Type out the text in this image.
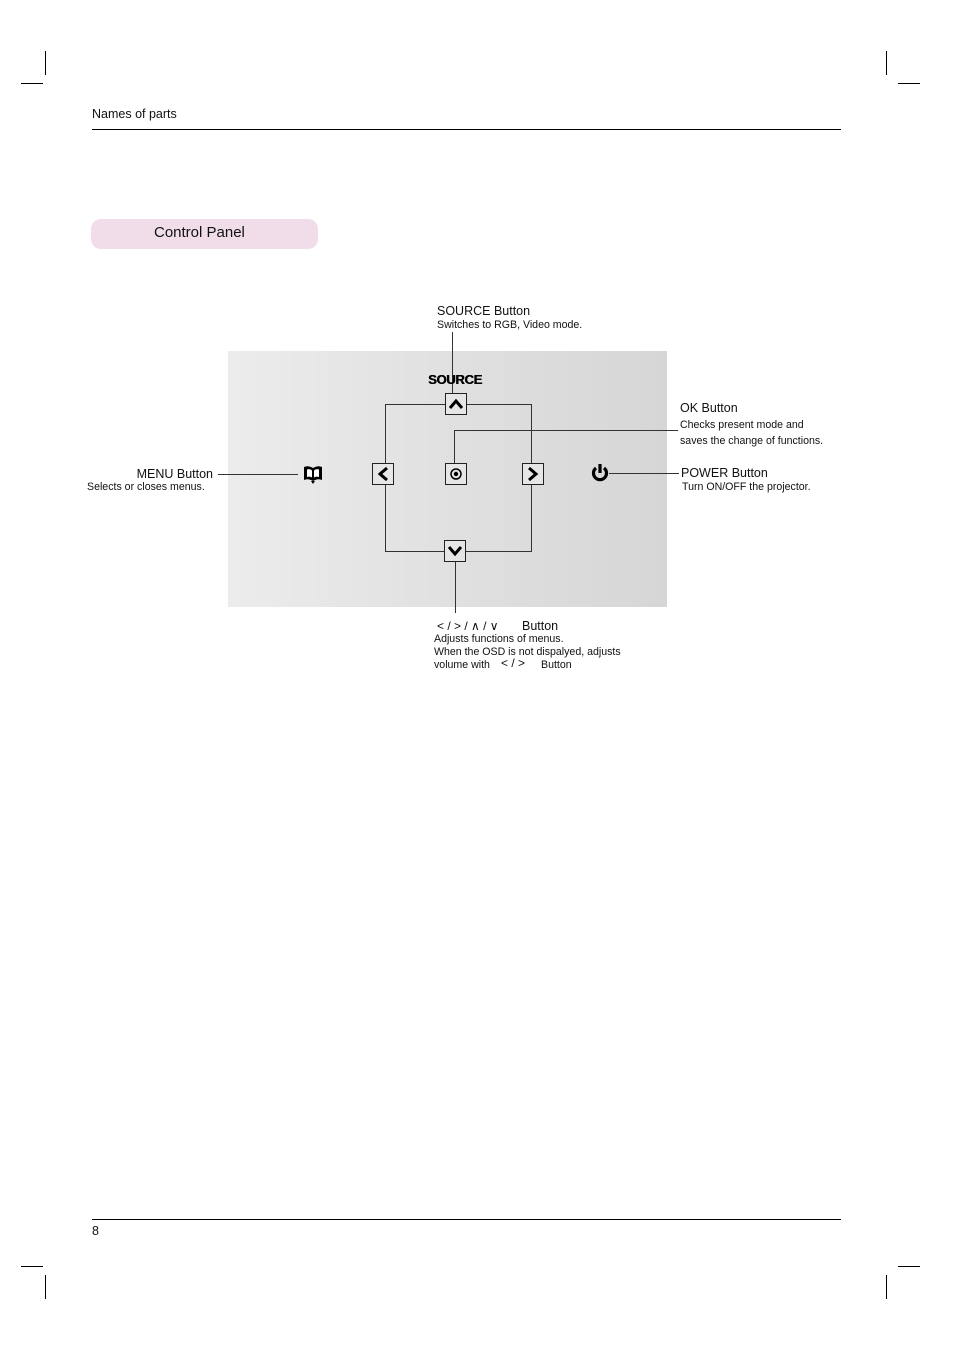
Names of parts
Control Panel
SOURCE
SOURCE Button
Switches to RGB, Video mode.
OK Button
Checks present mode and
saves the change of functions.
MENU Button
Selects or closes menus.
POWER Button
Turn ON/OFF the projector.
< / > / ∧ / ∨ Button
Adjusts functions of menus.
When the OSD is not dispalyed, adjusts
volume with < / > Button
8
